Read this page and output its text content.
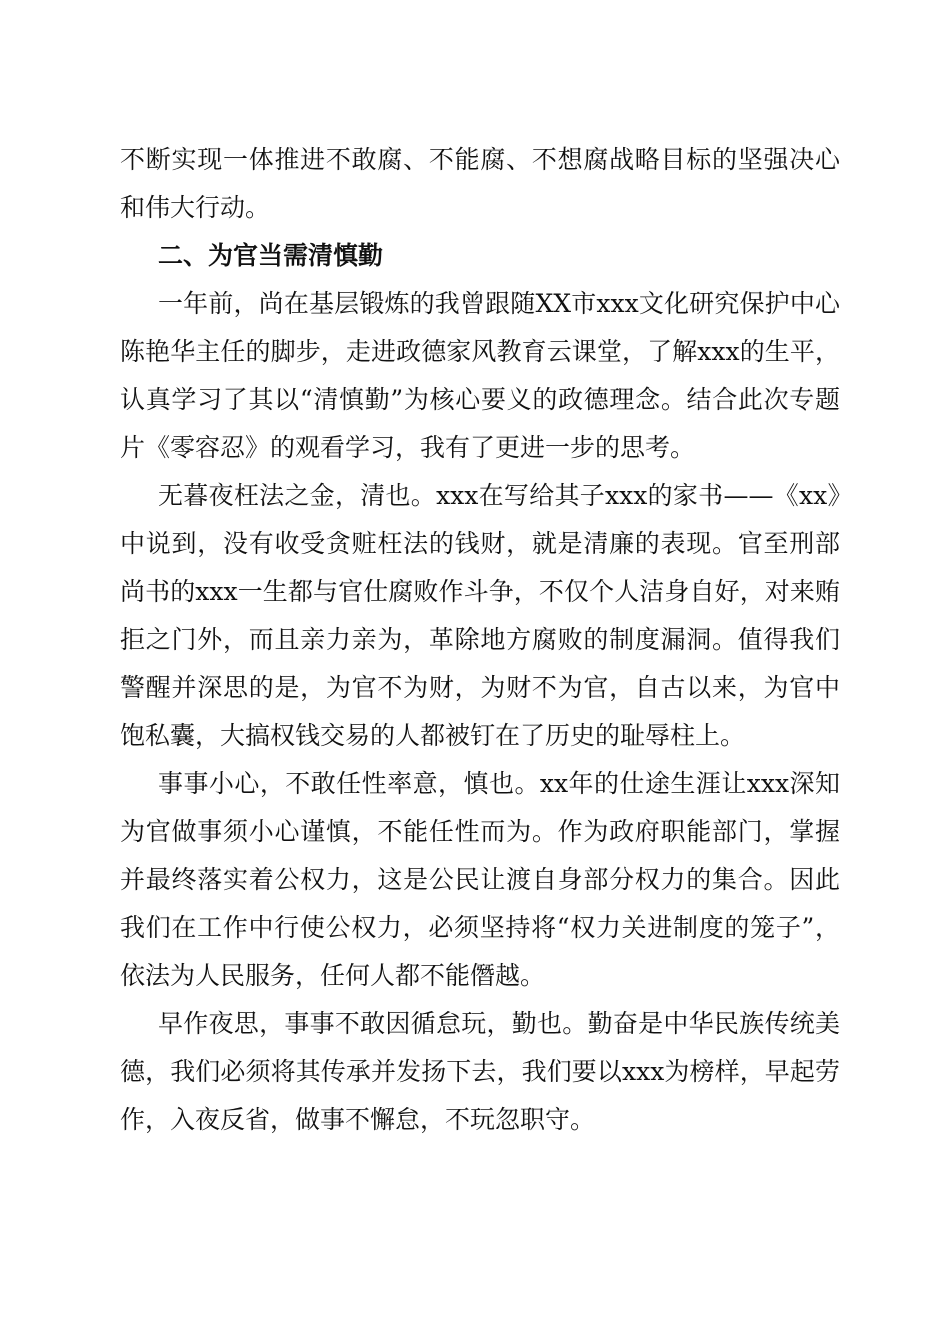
不断实现一体推进不敢腐、不能腐、不想腐战略目标的坚强决心和伟大行动。

二、为官当需清慎勤

一年前，尚在基层锻炼的我曾跟随XX市xxx文化研究保护中心陈艳华主任的脚步，走进政德家风教育云课堂，了解xxx的生平，认真学习了其以“清慎勤”为核心要义的政德理念。结合此次专题片《零容忍》的观看学习，我有了更进一步的思考。

无暮夜枉法之金，清也。xxx在写给其子xxx的家书——《xx》中说到，没有收受贪赃枉法的钱财，就是清廉的表现。官至刑部尚书的xxx一生都与官仕腐败作斗争，不仅个人洁身自好，对来贿拒之门外，而且亲力亲为，革除地方腐败的制度漏洞。值得我们警醒并深思的是，为官不为财，为财不为官，自古以来，为官中饱私囊，大搞权钱交易的人都被钉在了历史的耻辱柱上。

事事小心，不敢任性率意，慎也。xx年的仕途生涯让xxx深知为官做事须小心谨慎，不能任性而为。作为政府职能部门，掌握并最终落实着公权力，这是公民让渡自身部分权力的集合。因此我们在工作中行使公权力，必须坚持将“权力关进制度的笼子”，依法为人民服务，任何人都不能僭越。

早作夜思，事事不敢因循怠玩，勤也。勤奋是中华民族传统美德，我们必须将其传承并发扬下去，我们要以xxx为榜样，早起劳作，入夜反省，做事不懈怠，不玩忽职守。
